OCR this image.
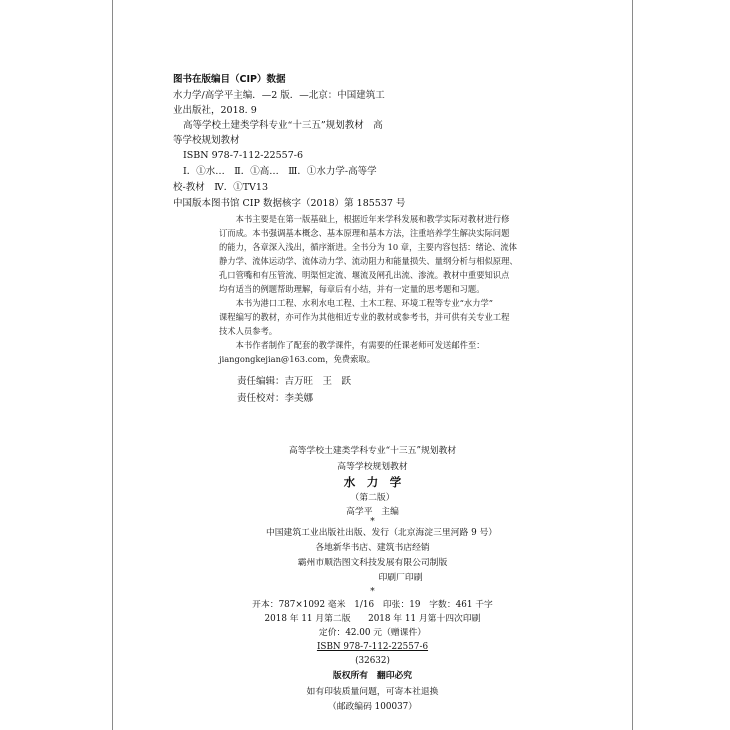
图书在版编目（CIP）数据
水力学/高学平主编．—2 版．—北京：中国建筑工
业出版社，2018. 9
高等学校土建类学科专业“十三五”规划教材　高
等学校规划教材
ISBN 978-7-112-22557-6
Ⅰ．①水…　Ⅱ．①高…　Ⅲ．①水力学-高等学
校-教材　Ⅳ．①TV13
中国版本图书馆 CIP 数据核字（2018）第 185537 号
　　本书主要是在第一版基础上，根据近年来学科发展和教学实际对教材进行修
订而成。本书强调基本概念、基本原理和基本方法，注重培养学生解决实际问题
的能力，各章深入浅出，循序渐进。全书分为 10 章，主要内容包括：绪论、流体
静力学、流体运动学、流体动力学、流动阻力和能量损失、量纲分析与相似原理、
孔口管嘴和有压管流、明渠恒定流、堰流及闸孔出流、渗流。教材中重要知识点
均有适当的例题帮助理解，每章后有小结，并有一定量的思考题和习题。
　　本书为港口工程、水利水电工程、土木工程、环境工程等专业“水力学”
课程编写的教材，亦可作为其他相近专业的教材或参考书，并可供有关专业工程
技术人员参考。
　　本书作者制作了配套的教学课件，有需要的任课老师可发送邮件至：
jiangongkejian@163.com，免费索取。
责任编辑：吉万旺　王　跃
责任校对：李美娜
高等学校土建类学科专业“十三五”规划教材
高等学校规划教材
水　力　学
（第二版）
高学平　主编
*
中国建筑工业出版社出版、发行（北京海淀三里河路 9 号）
各地新华书店、建筑书店经销
霸州市顺浩图文科技发展有限公司制版
印刷厂印刷
*
开本：787×1092 毫米　1/16　印张：19　字数：461 千字
2018 年 11 月第二版　　2018 年 11 月第十四次印刷
定价：42.00 元（赠课件）
ISBN 978-7-112-22557-6
(32632)
版权所有　翻印必究
如有印装质量问题，可寄本社退换
（邮政编码 100037）
